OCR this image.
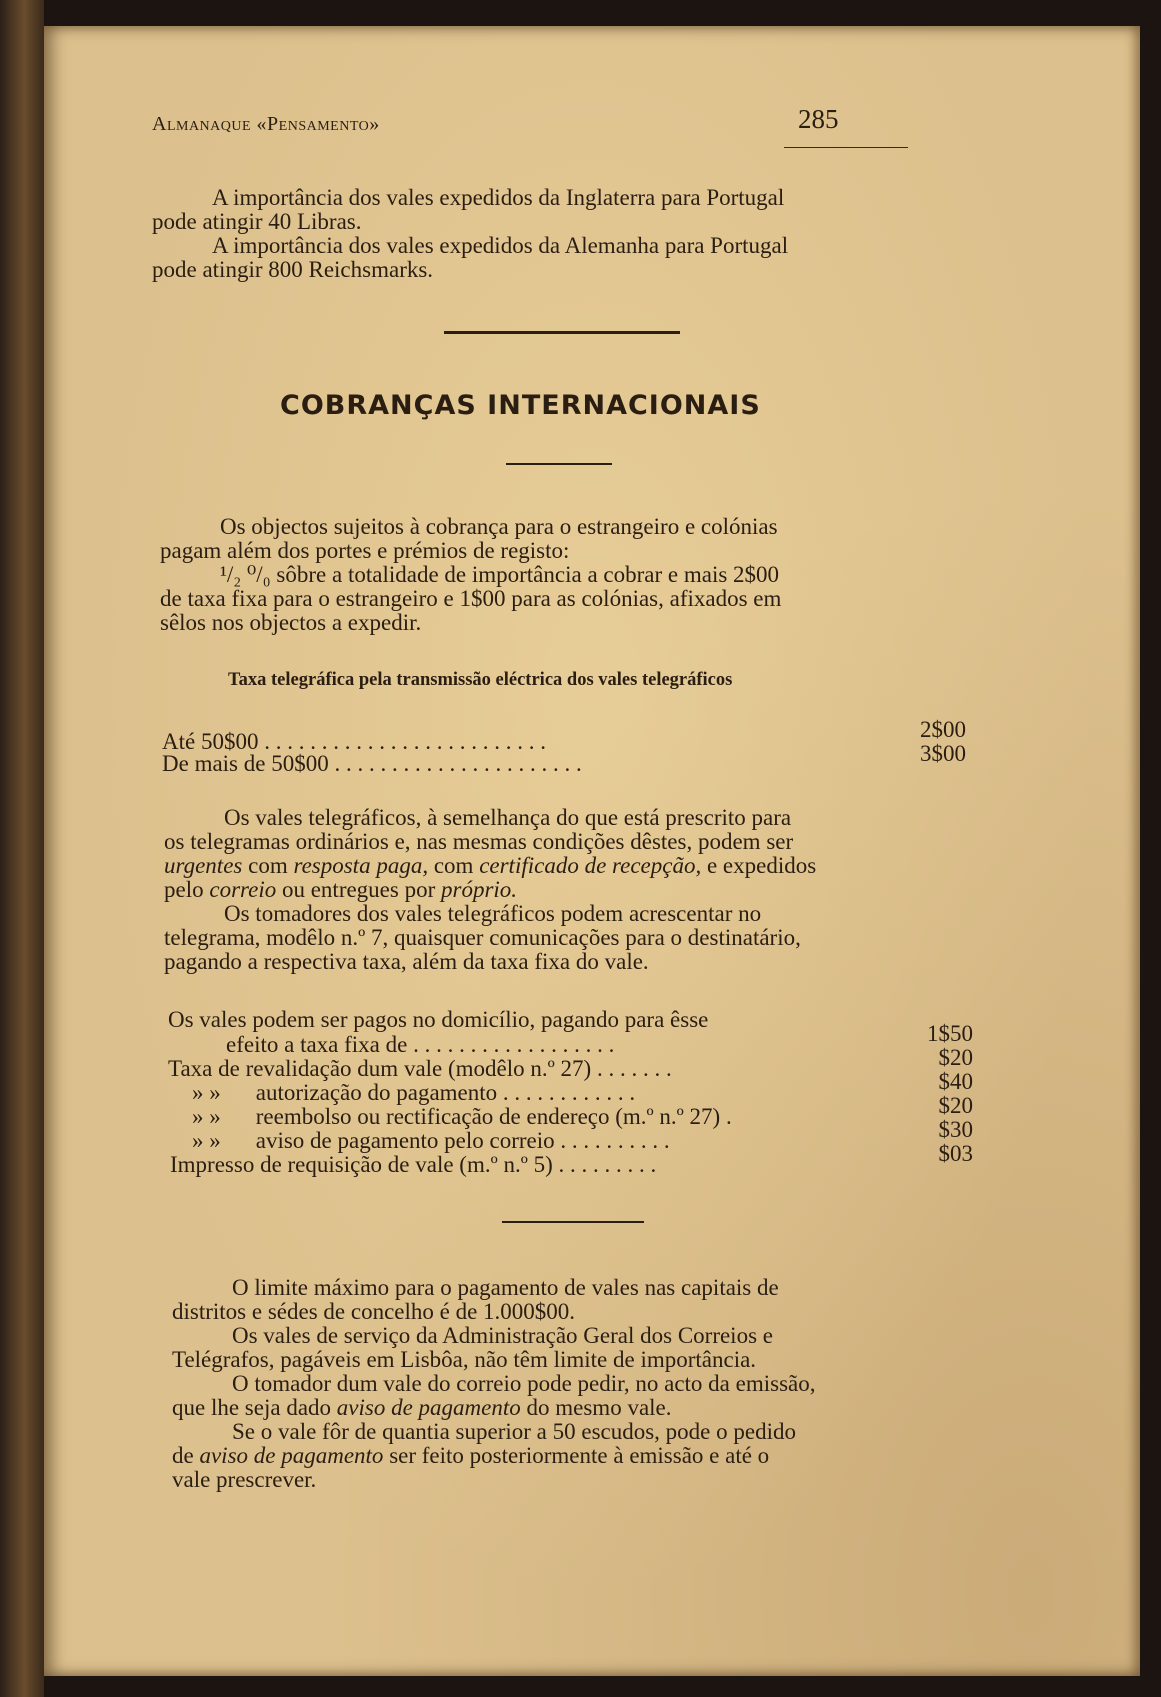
Almanaque «Pensamento»	285
A importância dos vales expedidos da Inglaterra para Portugal
pode atingir 40 Libras.
A importância dos vales expedidos da Alemanha para Portugal
pode atingir 800 Reichsmarks.
COBRANÇAS INTERNACIONAIS
Os objectos sujeitos à cobrança para o estrangeiro e colónias
pagam além dos portes e prémios de registo:
¹/₂ ⁰/₀ sôbre a totalidade de importância a cobrar e mais 2$00
de taxa fixa para o estrangeiro e 1$00 para as colónias, afixados em
sêlos nos objectos a expedir.
Taxa telegráfica pela transmissão eléctrica dos vales telegráficos
Até 50$00 . . . . . . . . . . . . . . . . . . . . . . . . .	2$00
De mais de 50$00 . . . . . . . . . . . . . . . . . . . . . .	3$00
Os vales telegráficos, à semelhança do que está prescrito para
os telegramas ordinários e, nas mesmas condições dêstes, podem ser
urgentes com resposta paga, com certificado de recepção, e expedidos
pelo correio ou entregues por próprio.
Os tomadores dos vales telegráficos podem acrescentar no
telegrama, modêlo n.º 7, quaisquer comunicações para o destinatário,
pagando a respectiva taxa, além da taxa fixa do vale.
Os vales podem ser pagos no domicílio, pagando para êsse
efeito a taxa fixa de . . . . . . . . . . . . . . . . . .	1$50
Taxa de revalidação dum vale (modêlo n.º 27) . . . . . . .	$20
» » autorização do pagamento . . . . . . . . . . . .	$40
» » reembolso ou rectificação de endereço (m.º n.º 27) .	$20
» » aviso de pagamento pelo correio . . . . . . . . . .	$30
Impresso de requisição de vale (m.º n.º 5) . . . . . . . . .	$03
O limite máximo para o pagamento de vales nas capitais de
distritos e sédes de concelho é de 1.000$00.
Os vales de serviço da Administração Geral dos Correios e
Telégrafos, pagáveis em Lisbôa, não têm limite de importância.
O tomador dum vale do correio pode pedir, no acto da emissão,
que lhe seja dado aviso de pagamento do mesmo vale.
Se o vale fôr de quantia superior a 50 escudos, pode o pedido
de aviso de pagamento ser feito posteriormente à emissão e até o
vale prescrever.
